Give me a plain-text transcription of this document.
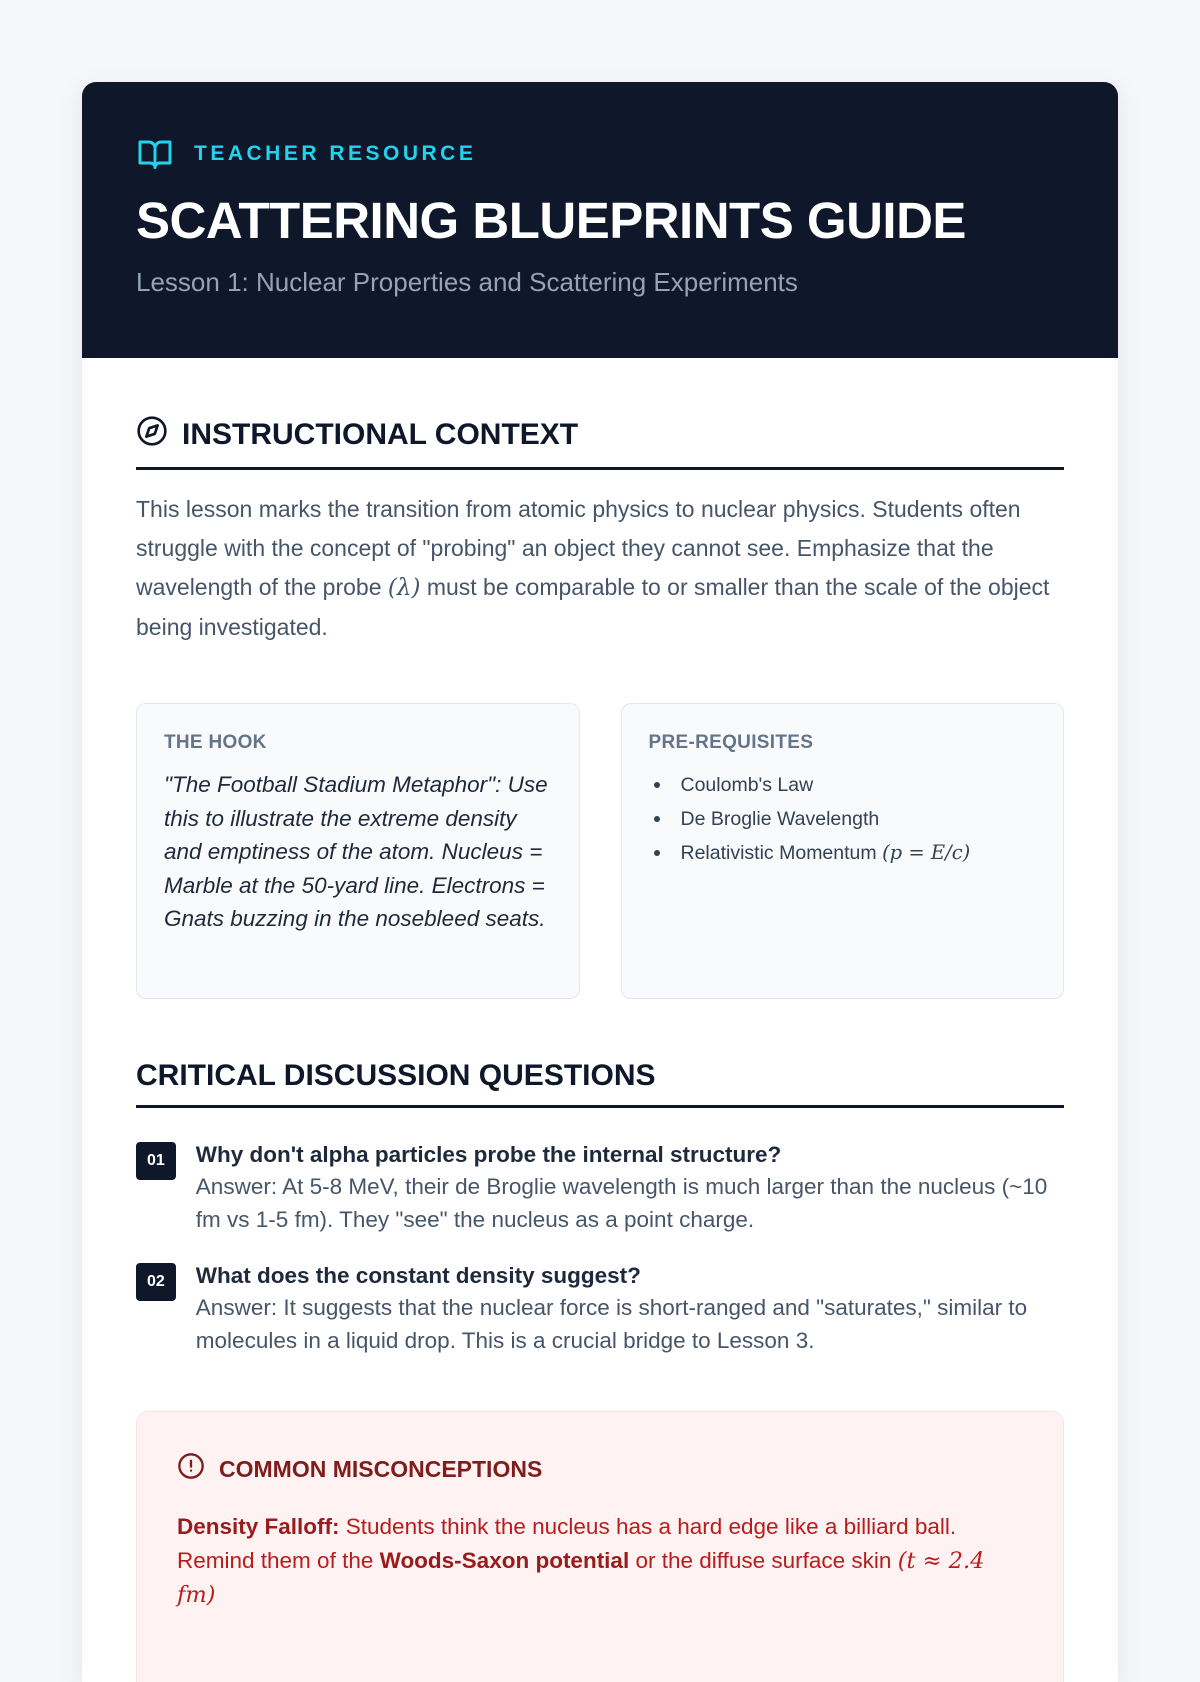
TEACHER RESOURCE
SCATTERING BLUEPRINTS GUIDE
Lesson 1: Nuclear Properties and Scattering Experiments
INSTRUCTIONAL CONTEXT

This lesson marks the transition from atomic physics to nuclear physics. Students often struggle with the concept of "probing" an object they cannot see. Emphasize that the wavelength of the probe (λ) must be comparable to or smaller than the scale of the object being investigated.

THE HOOK
"The Football Stadium Metaphor": Use this to illustrate the extreme density and emptiness of the atom. Nucleus = Marble at the 50-yard line. Electrons = Gnats buzzing in the nosebleed seats.
PRE-REQUISITES
Coulomb's Law
De Broglie Wavelength
Relativistic Momentum
(p = E/c)
CRITICAL DISCUSSION QUESTIONS
01	Why don't alpha particles probe the internal structure?
Answer: At 5-8 MeV, their de Broglie wavelength is much larger than the nucleus (~10 fm vs 1-5 fm). They "see" the nucleus as a point charge.
02	What does the constant density suggest?
Answer: It suggests that the nuclear force is short-ranged and "saturates," similar to molecules in a liquid drop. This is a crucial bridge to Lesson 3.
COMMON MISCONCEPTIONS

Density Falloff: Students think the nucleus has a hard edge like a billiard ball. Remind them of the Woods-Saxon potential or the diffuse surface skin (t ≈ 2.4 fm)
